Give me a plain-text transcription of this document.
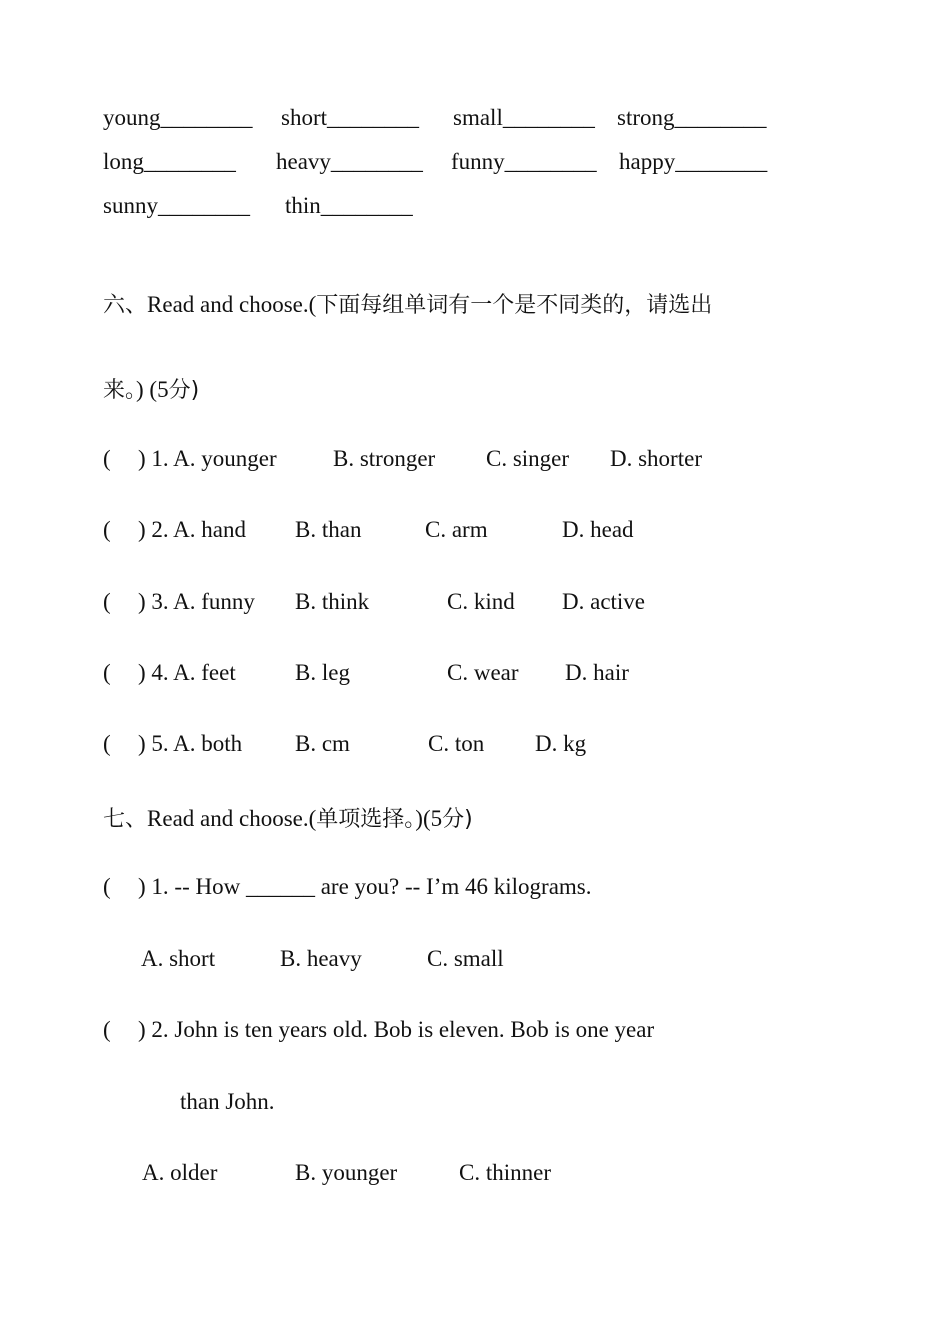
young________ short________ small________ strong________
long________ heavy________ funny________ happy________
sunny________ thin________
六、Read and choose.(下面每组单词有一个是不同类的，请选出
来。) (5分)
( ) 1. A. younger B. stronger C. singer D. shorter
( ) 2. A. hand B. than	C. arm	D. head
( ) 3. A. funny B. think	C. kind D. active
( ) 4. A. feet	B. leg	C. wear D. hair
( ) 5. A. both B. cm	C. ton D. kg
七、Read and choose.(单项选择。)(5分)
( ) 1. -- How ______ are you? -- I’m 46 kilograms.
A. short	B. heavy	C. small
( ) 2. John is ten years old. Bob is eleven. Bob is one year
than John.
A. older	B. younger	C. thinner
